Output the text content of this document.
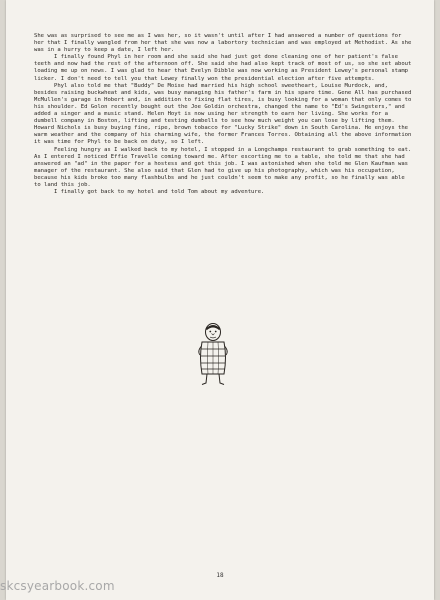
She was as surprised to see me as I was her, so it wasn't until after I had answered a number of questions for her that I finally wangled from her that she was now a labortory technician and was employed at Methodist. As she was in a hurry to keep a date, I left her.

I finally found Phyl in her room and she said she had just got done cleaning one of her patient's false teeth and now had the rest of the afternoon off. She said she had also kept track of most of us, so she set about loading me up on news. I was glad to hear that Evelyn Dibble was now working as President Lewey's personal stamp licker. I don't need to tell you that Lewey finally won the presidential election after five attempts.

Phyl also told me that "Buddy" De Moise had married his high school sweetheart, Louise Murdock, and, besides raising buckwheat and kids, was busy managing his father's farm in his spare time. Gene All has purchased McMullen's garage in Hobert and, in addition to fixing flat tires, is busy looking for a woman that only comes to his shoulder. Ed Golon recently bought out the Joe Goldin orchestra, changed the name to "Ed's Swingsters," and added a singer and a music stand. Helen Hoyt is now using her strength to earn her living. She works for a dumbell company in Boston, lifting and testing dumbells to see how much weight you can lose by lifting them. Howard Nichols is busy buying fine, ripe, brown tobacco for "Lucky Strike" down in South Carolina. He enjoys the warm weather and the company of his charming wife, the former Frances Torres. Obtaining all the above information it was time for Phyl to be back on duty, so I left.

Feeling hungry as I walked back to my hotel, I stopped in a Longchamps restaurant to grab something to eat. As I entered I noticed Effie Travelle coming toward me. After escorting me to a table, she told me that she had answered an "ad" in the paper for a hostess and got this job. I was astonished when she told me Glen Kaufman was manager of the restaurant. She also said that Glen had to give up his photography, which was his occupation, because his kids broke too many flashbulbs and he just couldn't seem to make any profit, so he finally was able to land this job.

I finally got back to my hotel and told Tom about my adventure.

18
skcsyearbook.com
